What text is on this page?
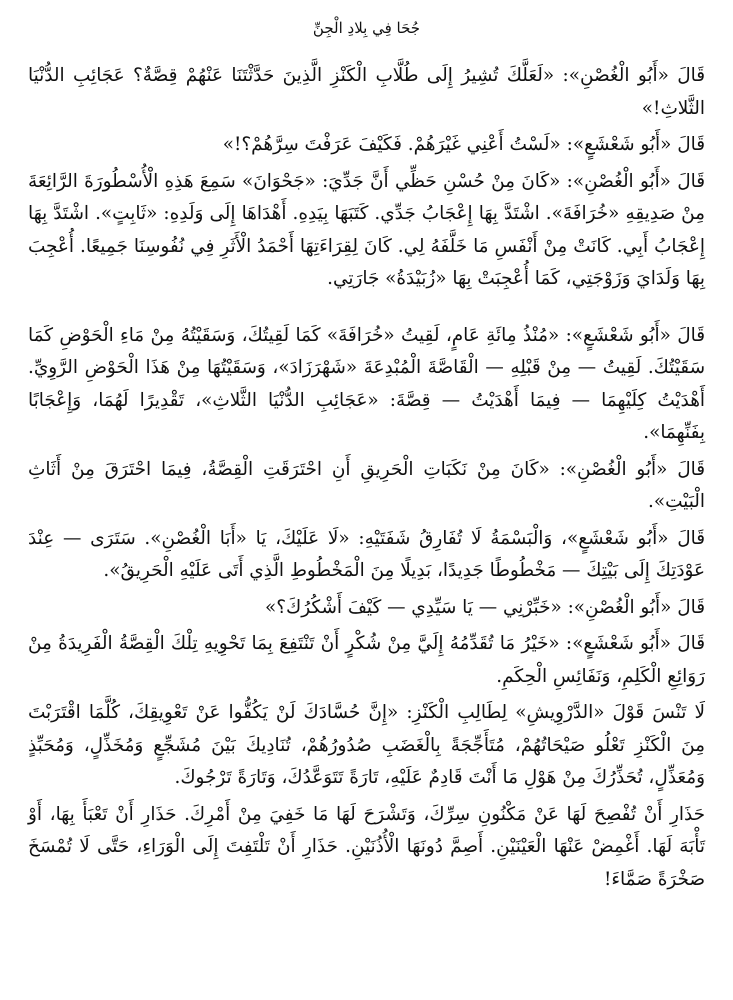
جُحَا فِي بِلادِ الْجِنِّ

قَالَ «أَبُو الْغُصْنِ»: «لَعَلَّكَ تُشِيرُ إِلَى طُلَّابِ الْكَنْزِ الَّذِينَ حَدَّثْتَنَا عَنْهُمْ قِصَّةٌ؟ عَجَائِبِ الدُّنْيَا الثَّلاثِ!»

قَالَ «أَبُو شَعْشَعٍ»: «لَسْتُ أَعْنِي غَيْرَهُمْ. فَكَيْفَ عَرَفْتَ سِرَّهُمْ؟!»

قَالَ «أَبُو الْغُصْنِ»: «كَانَ مِنْ حُسْنِ حَظِّي أَنَّ جَدِّيَ: «جَحْوَانَ» سَمِعَ هَذِهِ الْأُسْطُورَةَ الرَّائِعَةَ مِنْ صَدِيقِهِ «خُرَافَةَ». اشْتَدَّ بِهَا إِعْجَابُ جَدِّي. كَتَبَهَا بِيَدِهِ. أَهْدَاهَا إِلَى وَلَدِهِ: «ثَابِتٍ». اشْتَدَّ بِهَا إِعْجَابُ أَبِي. كَانَتْ مِنْ أَنْفَسِ مَا خَلَّفَهُ لِي. كَانَ لِقِرَاءَتِهَا أَحْمَدُ الْأَثَرِ فِي نُفُوسِنَا جَمِيعًا. أُعْجِبَ بِهَا وَلَدَايَ وَزَوْجَتِي، كَمَا أُعْجِبَتْ بِهَا «زُبَيْدَةُ» جَارَتِي.

قَالَ «أَبُو شَعْشَعٍ»: «مُنْذُ مِائَةِ عَامٍ، لَقِيتُ «خُرَافَةَ» كَمَا لَقِيتُكَ، وَسَقَيْتُهُ مِنْ مَاءِ الْحَوْضِ كَمَا سَقَيْتُكَ. لَقِيتُ — مِنْ قَبْلِهِ — الْقَاصَّةَ الْمُبْدِعَةَ «شَهْرَزَادَ»، وَسَقَيْتُهَا مِنْ هَذَا الْحَوْضِ الرَّوِيِّ. أَهْدَيْتُ كِلَيْهِمَا — فِيمَا أَهْدَيْتُ — قِصَّةَ: «عَجَائِبِ الدُّنْيَا الثَّلاثِ»، تَقْدِيرًا لَهُمَا، وَإِعْجَابًا بِفَنِّهِمَا».

قَالَ «أَبُو الْغُصْنِ»: «كَانَ مِنْ نَكَبَاتِ الْحَرِيقِ أَنِ احْتَرَقَتِ الْقِصَّةُ، فِيمَا احْتَرَقَ مِنْ أَثَاثِ الْبَيْتِ».

قَالَ «أَبُو شَعْشَعٍ»، وَالْبَسْمَةُ لَا تُفَارِقُ شَفَتَيْهِ: «لَا عَلَيْكَ، يَا «أَبَا الْغُصْنِ». سَتَرَى — عِنْدَ عَوْدَتِكَ إِلَى بَيْتِكَ — مَخْطُوطًا جَدِيدًا، بَدِيلًا مِنَ الْمَخْطُوطِ الَّذِي أَتَى عَلَيْهِ الْحَرِيقُ».

قَالَ «أَبُو الْغُصْنِ»: «خَبِّرْنِي — يَا سَيِّدِي — كَيْفَ أَشْكُرُكَ؟»

قَالَ «أَبُو شَعْشَعٍ»: «خَيْرُ مَا تُقَدِّمُهُ إِلَيَّ مِنْ شُكْرٍ أَنْ تَنْتَفِعَ بِمَا تَحْوِيهِ تِلْكَ الْقِصَّةُ الْفَرِيدَةُ مِنْ رَوَائِعِ الْكَلِمِ، وَنَفَائِسِ الْحِكَمِ.

لَا تَنْسَ قَوْلَ «الدَّرْوِيشِ» لِطَالِبِ الْكَنْزِ: «إِنَّ حُسَّادَكَ لَنْ يَكُفُّوا عَنْ تَعْوِيقِكَ، كُلَّمَا اقْتَرَبْتَ مِنَ الْكَنْزِ تَعْلُو صَيْحَاتُهُمْ، مُتَأَجِّجَةً بِالْغَضَبِ صُدُورُهُمْ، تُنَادِيكَ بَيْنَ مُشَجِّعٍ وَمُخَذِّلٍ، وَمُحَبِّذٍ وَمُعَذِّلٍ، تُحَذِّرُكَ مِنْ هَوْلِ مَا أَنْتَ قَادِمٌ عَلَيْهِ، تَارَةً تَتَوَعَّدُكَ، وَتَارَةً تَرْجُوكَ.

حَذَارِ أَنْ تُفْصِحَ لَهَا عَنْ مَكْنُونِ سِرِّكَ، وَتَشْرَحَ لَهَا مَا خَفِيَ مِنْ أَمْرِكَ. حَذَارِ أَنْ تَعْبَأَ بِهَا، أَوْ تَأْبَهَ لَهَا. أَغْمِضْ عَنْهَا الْعَيْنَيْنِ. أَصِمَّ دُونَهَا الْأُذُنَيْنِ. حَذَارِ أَنْ تَلْتَفِتَ إِلَى الْوَرَاءِ، حَتَّى لَا تُمْسَخَ صَخْرَةً صَمَّاءَ!
